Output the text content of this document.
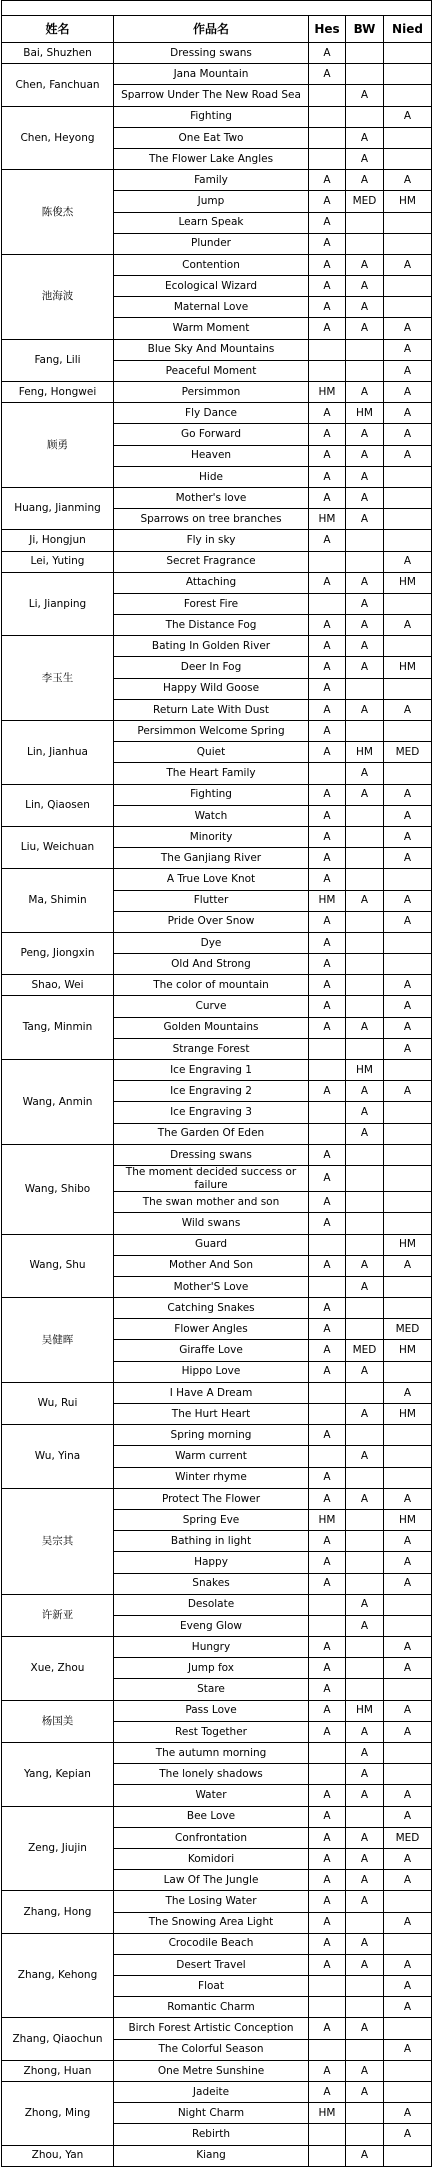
姓名	作品名	Hes	BW	Nied
Bai, Shuzhen	Dressing swans	A		
Chen, Fanchuan	Jana Mountain	A		
	Sparrow Under The New Road Sea		A	
Chen, Heyong	Fighting			A
	One Eat Two		A	
	The Flower Lake Angles		A	
陈俊杰	Family	A	A	A
	Jump	A	MED	HM
	Learn Speak	A		
	Plunder	A		
池海波	Contention	A	A	A
	Ecological Wizard	A	A	
	Maternal Love	A	A	
	Warm Moment	A	A	A
Fang, Lili	Blue Sky And Mountains			A
	Peaceful Moment			A
Feng, Hongwei	Persimmon	HM	A	A
顾勇	Fly Dance	A	HM	A
	Go Forward	A	A	A
	Heaven	A	A	A
	Hide	A	A	
Huang, Jianming	Mother's love	A	A	
	Sparrows on tree branches	HM	A	
Ji, Hongjun	Fly in sky	A		
Lei, Yuting	Secret Fragrance			A
Li, Jianping	Attaching	A	A	HM
	Forest Fire		A	
	The Distance Fog	A	A	A
李玉生	Bating In Golden River	A	A	
	Deer In Fog	A	A	HM
	Happy Wild Goose	A		
	Return Late With Dust	A	A	A
Lin, Jianhua	Persimmon Welcome Spring	A		
	Quiet	A	HM	MED
	The Heart Family		A	
Lin, Qiaosen	Fighting	A	A	A
	Watch	A		A
Liu, Weichuan	Minority	A		A
	The Ganjiang River	A		A
Ma, Shimin	A True Love Knot	A		
	Flutter	HM	A	A
	Pride Over Snow	A		A
Peng, Jiongxin	Dye	A		
	Old And Strong	A		
Shao, Wei	The color of mountain	A		A
Tang, Minmin	Curve	A		A
	Golden Mountains	A	A	A
	Strange Forest			A
Wang, Anmin	Ice Engraving 1		HM	
	Ice Engraving 2	A	A	A
	Ice Engraving 3		A	
	The Garden Of Eden		A	
Wang, Shibo	Dressing swans	A		
	The moment decided success or failure	A		
	The swan mother and son	A		
	Wild swans	A		
Wang, Shu	Guard			HM
	Mother And Son	A	A	A
	Mother'S Love		A	
吴健晖	Catching Snakes	A		
	Flower Angles	A		MED
	Giraffe Love	A	MED	HM
	Hippo Love	A	A	
Wu, Rui	I Have A Dream			A
	The Hurt Heart		A	HM
Wu, Yina	Spring morning	A		
	Warm current		A	
	Winter rhyme	A		
吴宗其	Protect The Flower	A	A	A
	Spring Eve	HM		HM
	Bathing in light	A		A
	Happy	A		A
	Snakes	A		A
许新亚	Desolate		A	
	Eveng Glow		A	
Xue, Zhou	Hungry	A		A
	Jump fox	A		A
	Stare	A		
杨国美	Pass Love	A	HM	A
	Rest Together	A	A	A
Yang, Kepian	The autumn morning		A	
	The lonely shadows		A	
	Water	A	A	A
Zeng, Jiujin	Bee Love	A		A
	Confrontation	A	A	MED
	Komidori	A	A	A
	Law Of The Jungle	A	A	A
Zhang, Hong	The Losing Water	A	A	
	The Snowing Area Light	A		A
Zhang, Kehong	Crocodile Beach	A	A	
	Desert Travel	A	A	A
	Float			A
	Romantic Charm			A
Zhang, Qiaochun	Birch Forest Artistic Conception	A	A	
	The Colorful Season			A
Zhong, Huan	One Metre Sunshine	A	A	
Zhong, Ming	Jadeite	A	A	
	Night Charm	HM		A
	Rebirth			A
Zhou, Yan	Kiang		A	
